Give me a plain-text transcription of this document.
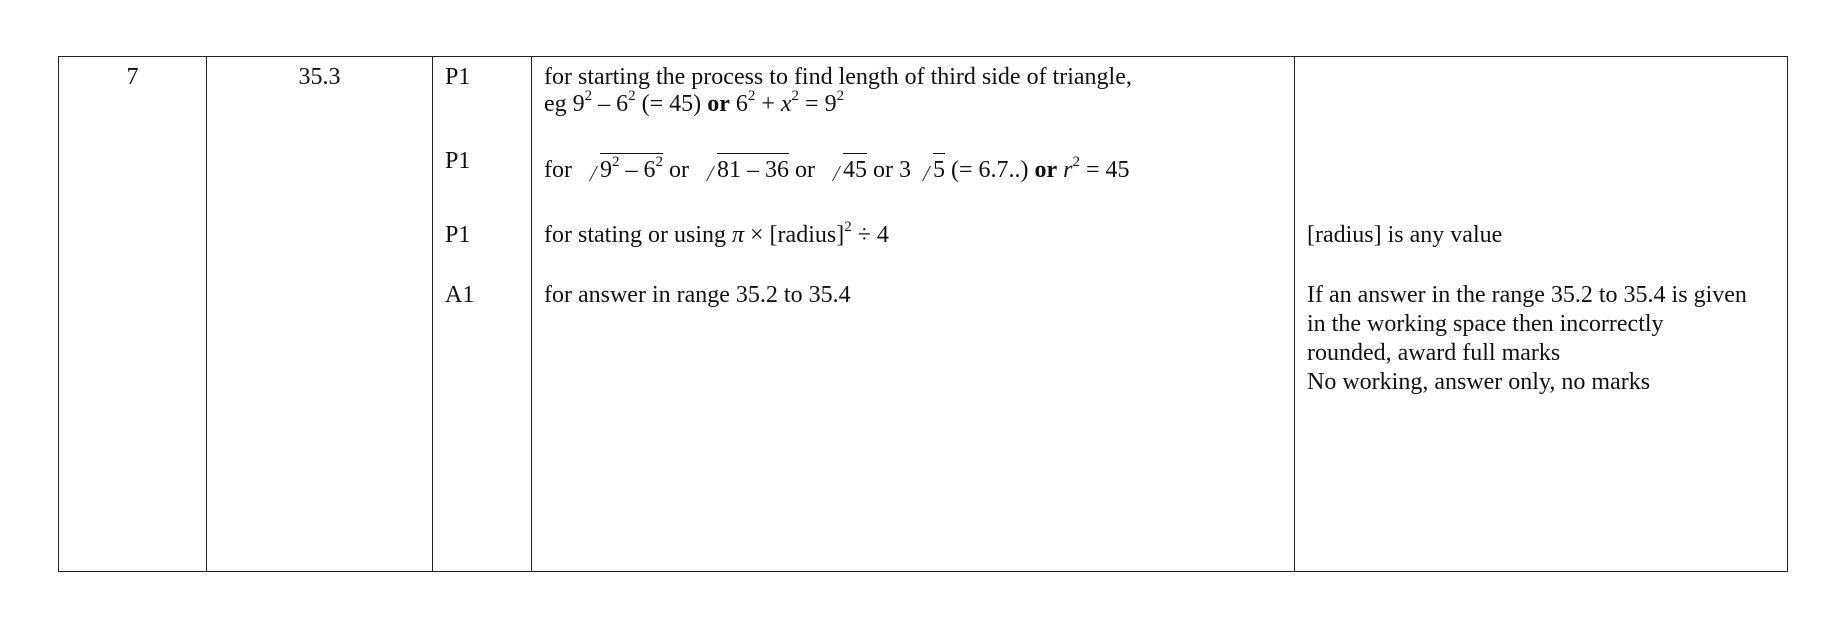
7	35.3	P1
P1
P1
A1
for starting the process to find length of third side of triangle,
eg $9^2 - 6^2$ (= 45) or $6^2 + x^2 = 9^2$
for $9^2 - 6^2$ or 81 – 36 or 45 or 3 5 (= 6.7..) or $r^2 = 45$
for stating or using π × [radius]$^2$ ÷ 4
for answer in range 35.2 to 35.4
[radius] is any value
If an answer in the range 35.2 to 35.4 is given
in the working space then incorrectly
rounded, award full marks
No working, answer only, no marks
